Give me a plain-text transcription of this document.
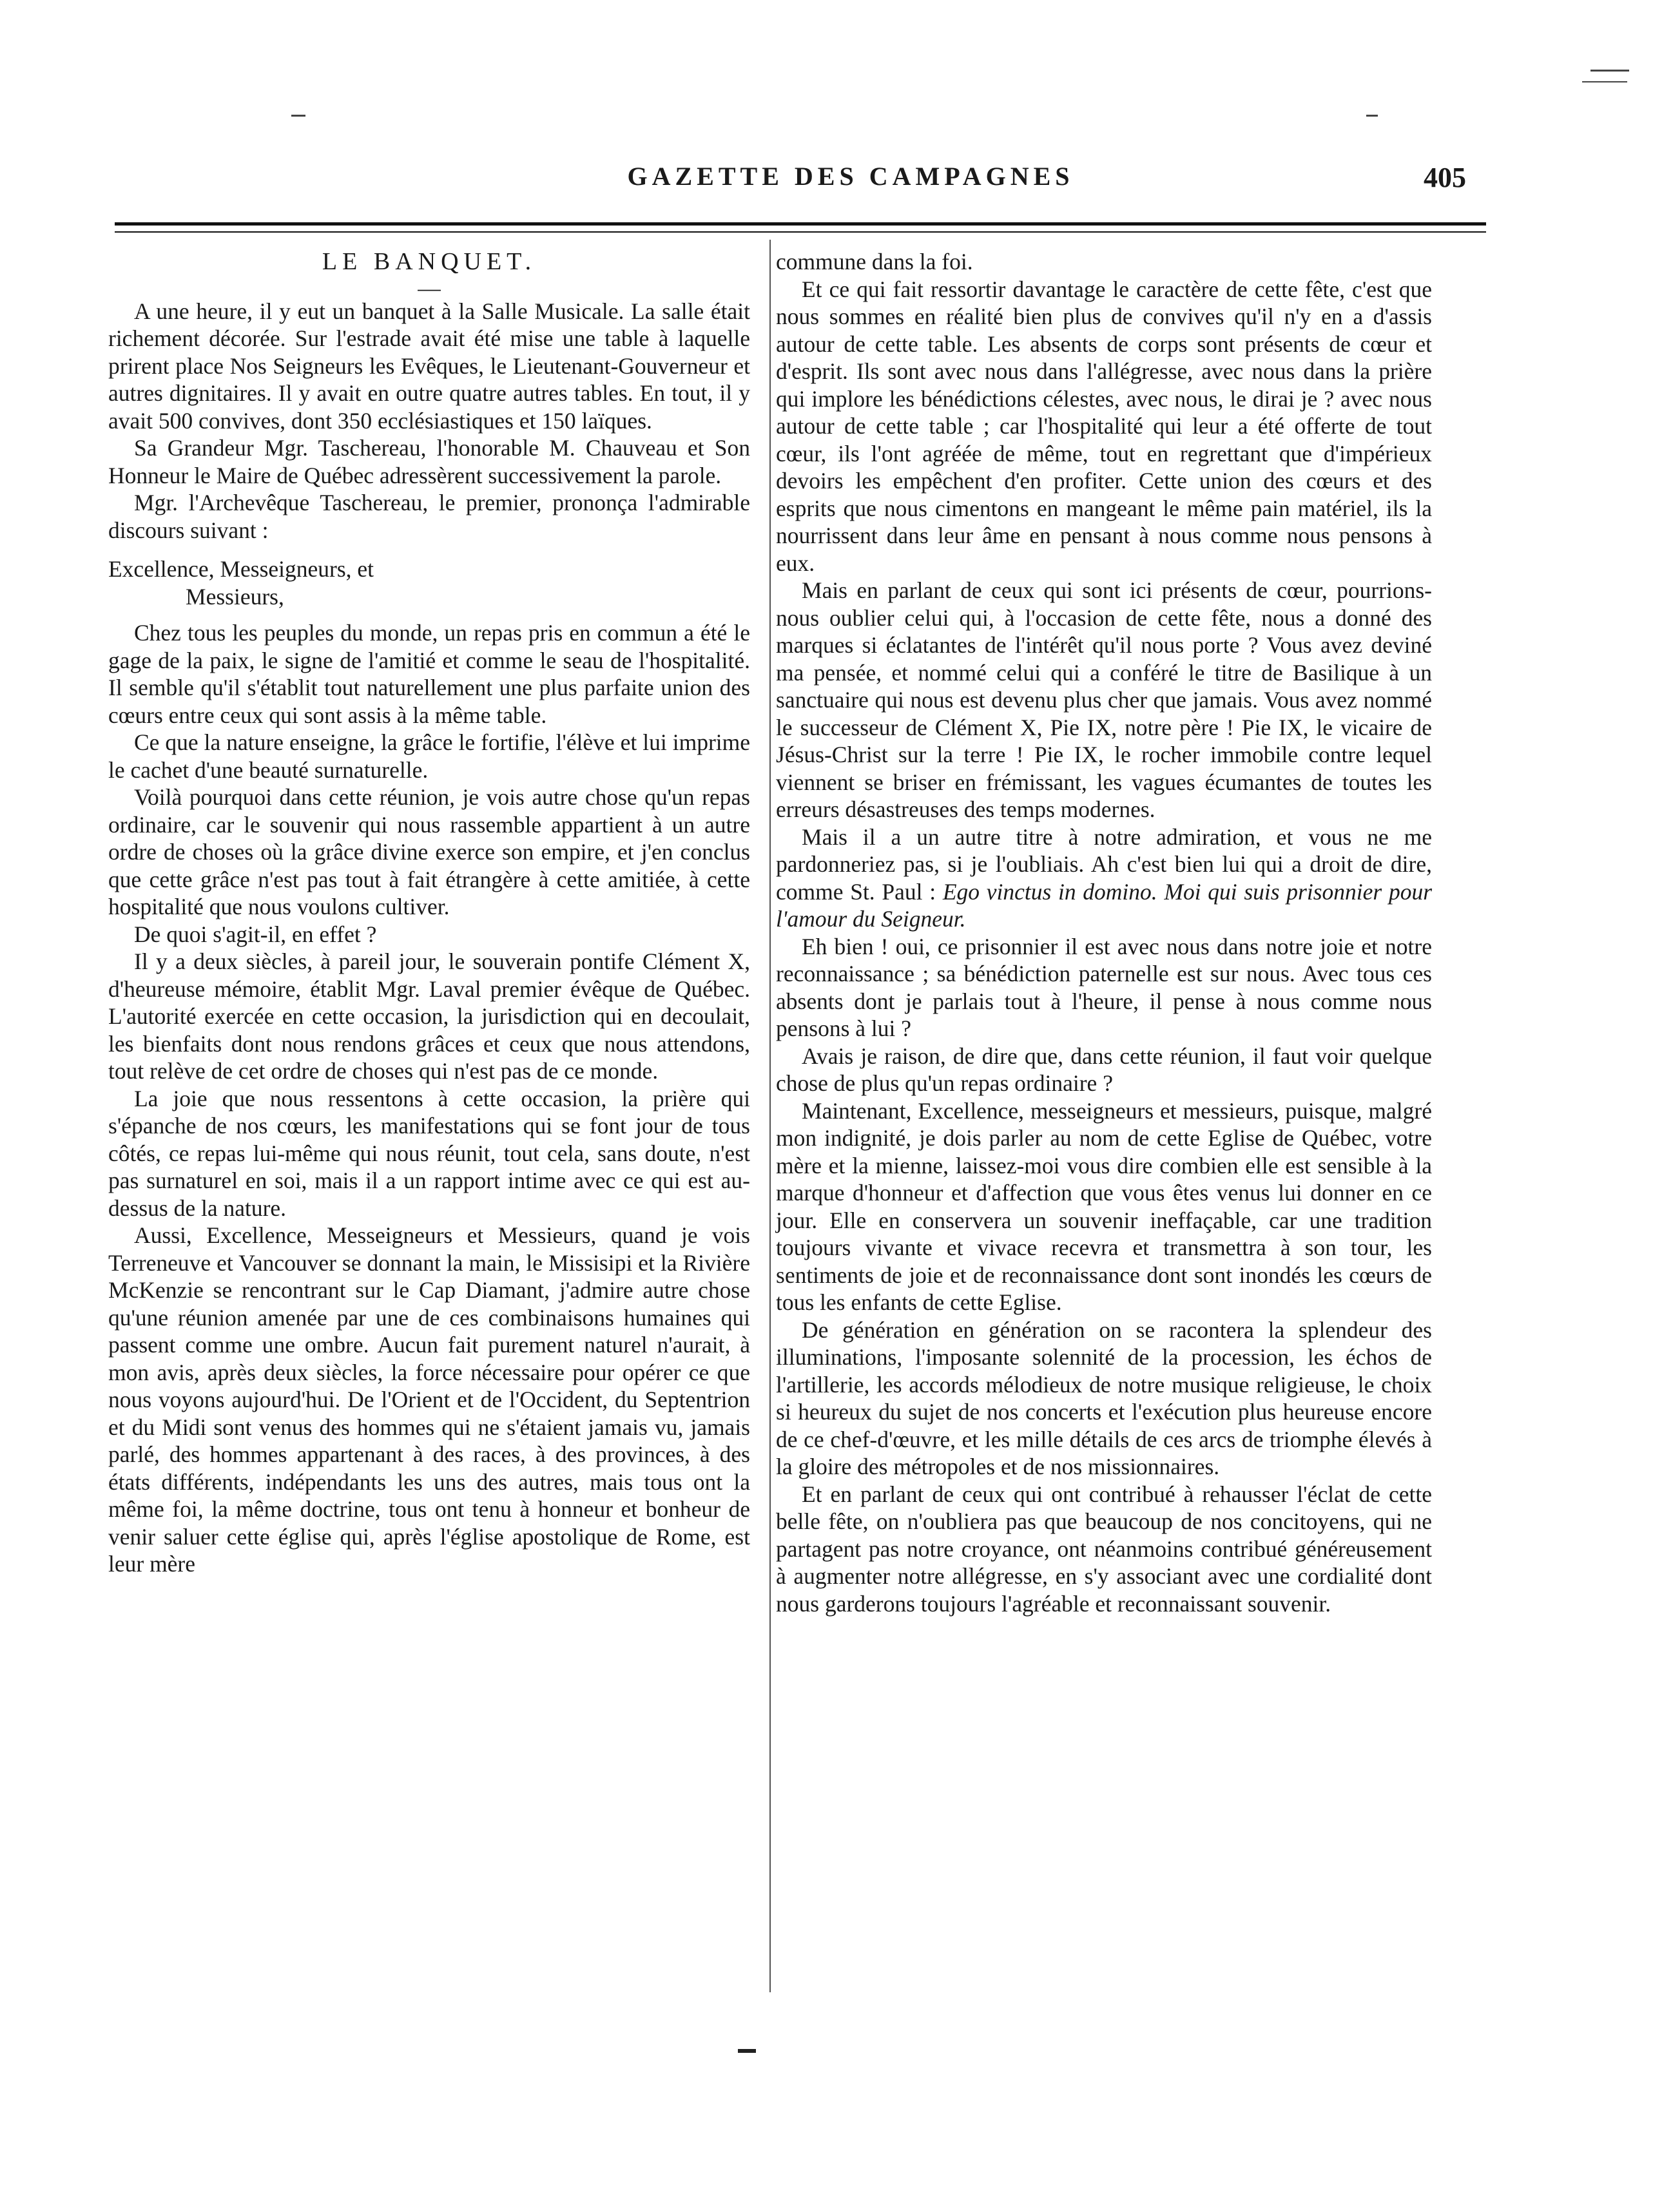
GAZETTE DES CAMPAGNES	405
LE BANQUET.
—

A une heure, il y eut un banquet à la Salle Musicale. La salle était richement décorée. Sur l'estrade avait été mise une table à laquelle prirent place Nos Seigneurs les Evêques, le Lieutenant-Gouverneur et autres dignitaires. Il y avait en outre quatre autres tables. En tout, il y avait 500 convives, dont 350 ecclésiastiques et 150 laïques.

Sa Grandeur Mgr. Taschereau, l'honorable M. Chauveau et Son Honneur le Maire de Québec adressèrent successivement la parole.

Mgr. l'Archevêque Taschereau, le premier, prononça l'admirable discours suivant :

Excellence, Messeigneurs, et

Messieurs,

Chez tous les peuples du monde, un repas pris en commun a été le gage de la paix, le signe de l'amitié et comme le seau de l'hospitalité. Il semble qu'il s'établit tout naturellement une plus parfaite union des cœurs entre ceux qui sont assis à la même table.

Ce que la nature enseigne, la grâce le fortifie, l'élève et lui imprime le cachet d'une beauté surnaturelle.

Voilà pourquoi dans cette réunion, je vois autre chose qu'un repas ordinaire, car le souvenir qui nous rassemble appartient à un autre ordre de choses où la grâce divine exerce son empire, et j'en conclus que cette grâce n'est pas tout à fait étrangère à cette amitiée, à cette hospitalité que nous voulons cultiver.

De quoi s'agit-il, en effet ?

Il y a deux siècles, à pareil jour, le souverain pontife Clément X, d'heureuse mémoire, établit Mgr. Laval premier évêque de Québec. L'autorité exercée en cette occasion, la jurisdiction qui en decoulait, les bienfaits dont nous rendons grâces et ceux que nous attendons, tout relève de cet ordre de choses qui n'est pas de ce monde.

La joie que nous ressentons à cette occasion, la prière qui s'épanche de nos cœurs, les manifestations qui se font jour de tous côtés, ce repas lui-même qui nous réunit, tout cela, sans doute, n'est pas surnaturel en soi, mais il a un rapport intime avec ce qui est au-dessus de la nature.

Aussi, Excellence, Messeigneurs et Messieurs, quand je vois Terreneuve et Vancouver se donnant la main, le Missisipi et la Rivière McKenzie se rencontrant sur le Cap Diamant, j'admire autre chose qu'une réunion amenée par une de ces combinaisons humaines qui passent comme une ombre. Aucun fait purement naturel n'aurait, à mon avis, après deux siècles, la force nécessaire pour opérer ce que nous voyons aujourd'hui. De l'Orient et de l'Occident, du Septentrion et du Midi sont venus des hommes qui ne s'étaient jamais vu, jamais parlé, des hommes appartenant à des races, à des provinces, à des états différents, indépendants les uns des autres, mais tous ont la même foi, la même doctrine, tous ont tenu à honneur et bonheur de venir saluer cette église qui, après l'église apostolique de Rome, est leur mère

commune dans la foi.

Et ce qui fait ressortir davantage le caractère de cette fête, c'est que nous sommes en réalité bien plus de convives qu'il n'y en a d'assis autour de cette table. Les absents de corps sont présents de cœur et d'esprit. Ils sont avec nous dans l'allégresse, avec nous dans la prière qui implore les bénédictions célestes, avec nous, le dirai je ? avec nous autour de cette table ; car l'hospitalité qui leur a été offerte de tout cœur, ils l'ont agréée de même, tout en regrettant que d'impérieux devoirs les empêchent d'en profiter. Cette union des cœurs et des esprits que nous cimentons en mangeant le même pain matériel, ils la nourrissent dans leur âme en pensant à nous comme nous pensons à eux.

Mais en parlant de ceux qui sont ici présents de cœur, pourrions-nous oublier celui qui, à l'occasion de cette fête, nous a donné des marques si éclatantes de l'intérêt qu'il nous porte ? Vous avez deviné ma pensée, et nommé celui qui a conféré le titre de Basilique à un sanctuaire qui nous est devenu plus cher que jamais. Vous avez nommé le successeur de Clément X, Pie IX, notre père ! Pie IX, le vicaire de Jésus-Christ sur la terre ! Pie IX, le rocher immobile contre lequel viennent se briser en frémissant, les vagues écumantes de toutes les erreurs désastreuses des temps modernes.

Mais il a un autre titre à notre admiration, et vous ne me pardonneriez pas, si je l'oubliais. Ah c'est bien lui qui a droit de dire, comme St. Paul : Ego vinctus in domino. Moi qui suis prisonnier pour l'amour du Seigneur.

Eh bien ! oui, ce prisonnier il est avec nous dans notre joie et notre reconnaissance ; sa bénédiction paternelle est sur nous. Avec tous ces absents dont je parlais tout à l'heure, il pense à nous comme nous pensons à lui ?

Avais je raison, de dire que, dans cette réunion, il faut voir quelque chose de plus qu'un repas ordinaire ?

Maintenant, Excellence, messeigneurs et messieurs, puisque, malgré mon indignité, je dois parler au nom de cette Eglise de Québec, votre mère et la mienne, laissez-moi vous dire combien elle est sensible à la marque d'honneur et d'affection que vous êtes venus lui donner en ce jour. Elle en conservera un souvenir ineffaçable, car une tradition toujours vivante et vivace recevra et transmettra à son tour, les sentiments de joie et de reconnaissance dont sont inondés les cœurs de tous les enfants de cette Eglise.

De génération en génération on se racontera la splendeur des illuminations, l'imposante solennité de la procession, les échos de l'artillerie, les accords mélodieux de notre musique religieuse, le choix si heureux du sujet de nos concerts et l'exécution plus heureuse encore de ce chef-d'œuvre, et les mille détails de ces arcs de triomphe élevés à la gloire des métropoles et de nos missionnaires.

Et en parlant de ceux qui ont contribué à rehausser l'éclat de cette belle fête, on n'oubliera pas que beaucoup de nos concitoyens, qui ne partagent pas notre croyance, ont néanmoins contribué généreusement à augmenter notre allégresse, en s'y associant avec une cordialité dont nous garderons toujours l'agréable et reconnaissant souvenir.
